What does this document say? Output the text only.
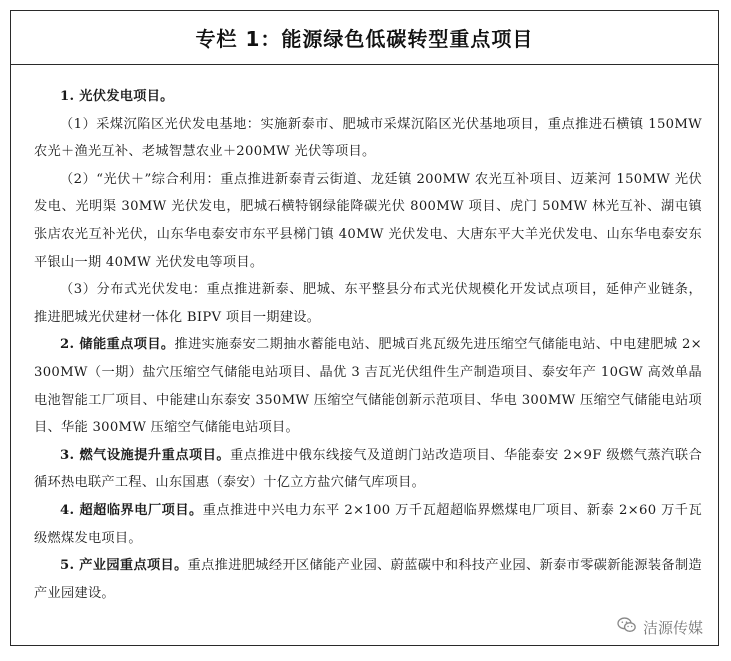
专栏 1：能源绿色低碳转型重点项目

1. 光伏发电项目。

（1）采煤沉陷区光伏发电基地：实施新泰市、肥城市采煤沉陷区光伏基地项目，重点推进石横镇 150MW 农光＋渔光互补、老城智慧农业＋200MW 光伏等项目。

（2）“光伏＋”综合利用：重点推进新泰青云街道、龙廷镇 200MW 农光互补项目、迈莱河 150MW 光伏发电、光明渠 30MW 光伏发电，肥城石横特钢绿能降碳光伏 800MW 项目、虎门 50MW 林光互补、湖屯镇张店农光互补光伏，山东华电泰安市东平县梯门镇 40MW 光伏发电、大唐东平大羊光伏发电、山东华电泰安东平银山一期 40MW 光伏发电等项目。

（3）分布式光伏发电：重点推进新泰、肥城、东平整县分布式光伏规模化开发试点项目，延伸产业链条，推进肥城光伏建材一体化 BIPV 项目一期建设。

2. 储能重点项目。推进实施泰安二期抽水蓄能电站、肥城百兆瓦级先进压缩空气储能电站、中电建肥城 2×300MW（一期）盐穴压缩空气储能电站项目、晶优 3 吉瓦光伏组件生产制造项目、泰安年产 10GW 高效单晶电池智能工厂项目、中能建山东泰安 350MW 压缩空气储能创新示范项目、华电 300MW 压缩空气储能电站项目、华能 300MW 压缩空气储能电站项目。

3. 燃气设施提升重点项目。重点推进中俄东线接气及道朗门站改造项目、华能泰安 2×9F 级燃气蒸汽联合循环热电联产工程、山东国惠（泰安）十亿立方盐穴储气库项目。

4. 超超临界电厂项目。重点推进中兴电力东平 2×100 万千瓦超超临界燃煤电厂项目、新泰 2×60 万千瓦级燃煤发电项目。

5. 产业园重点项目。重点推进肥城经开区储能产业园、蔚蓝碳中和科技产业园、新泰市零碳新能源装备制造产业园建设。

洁源传媒
